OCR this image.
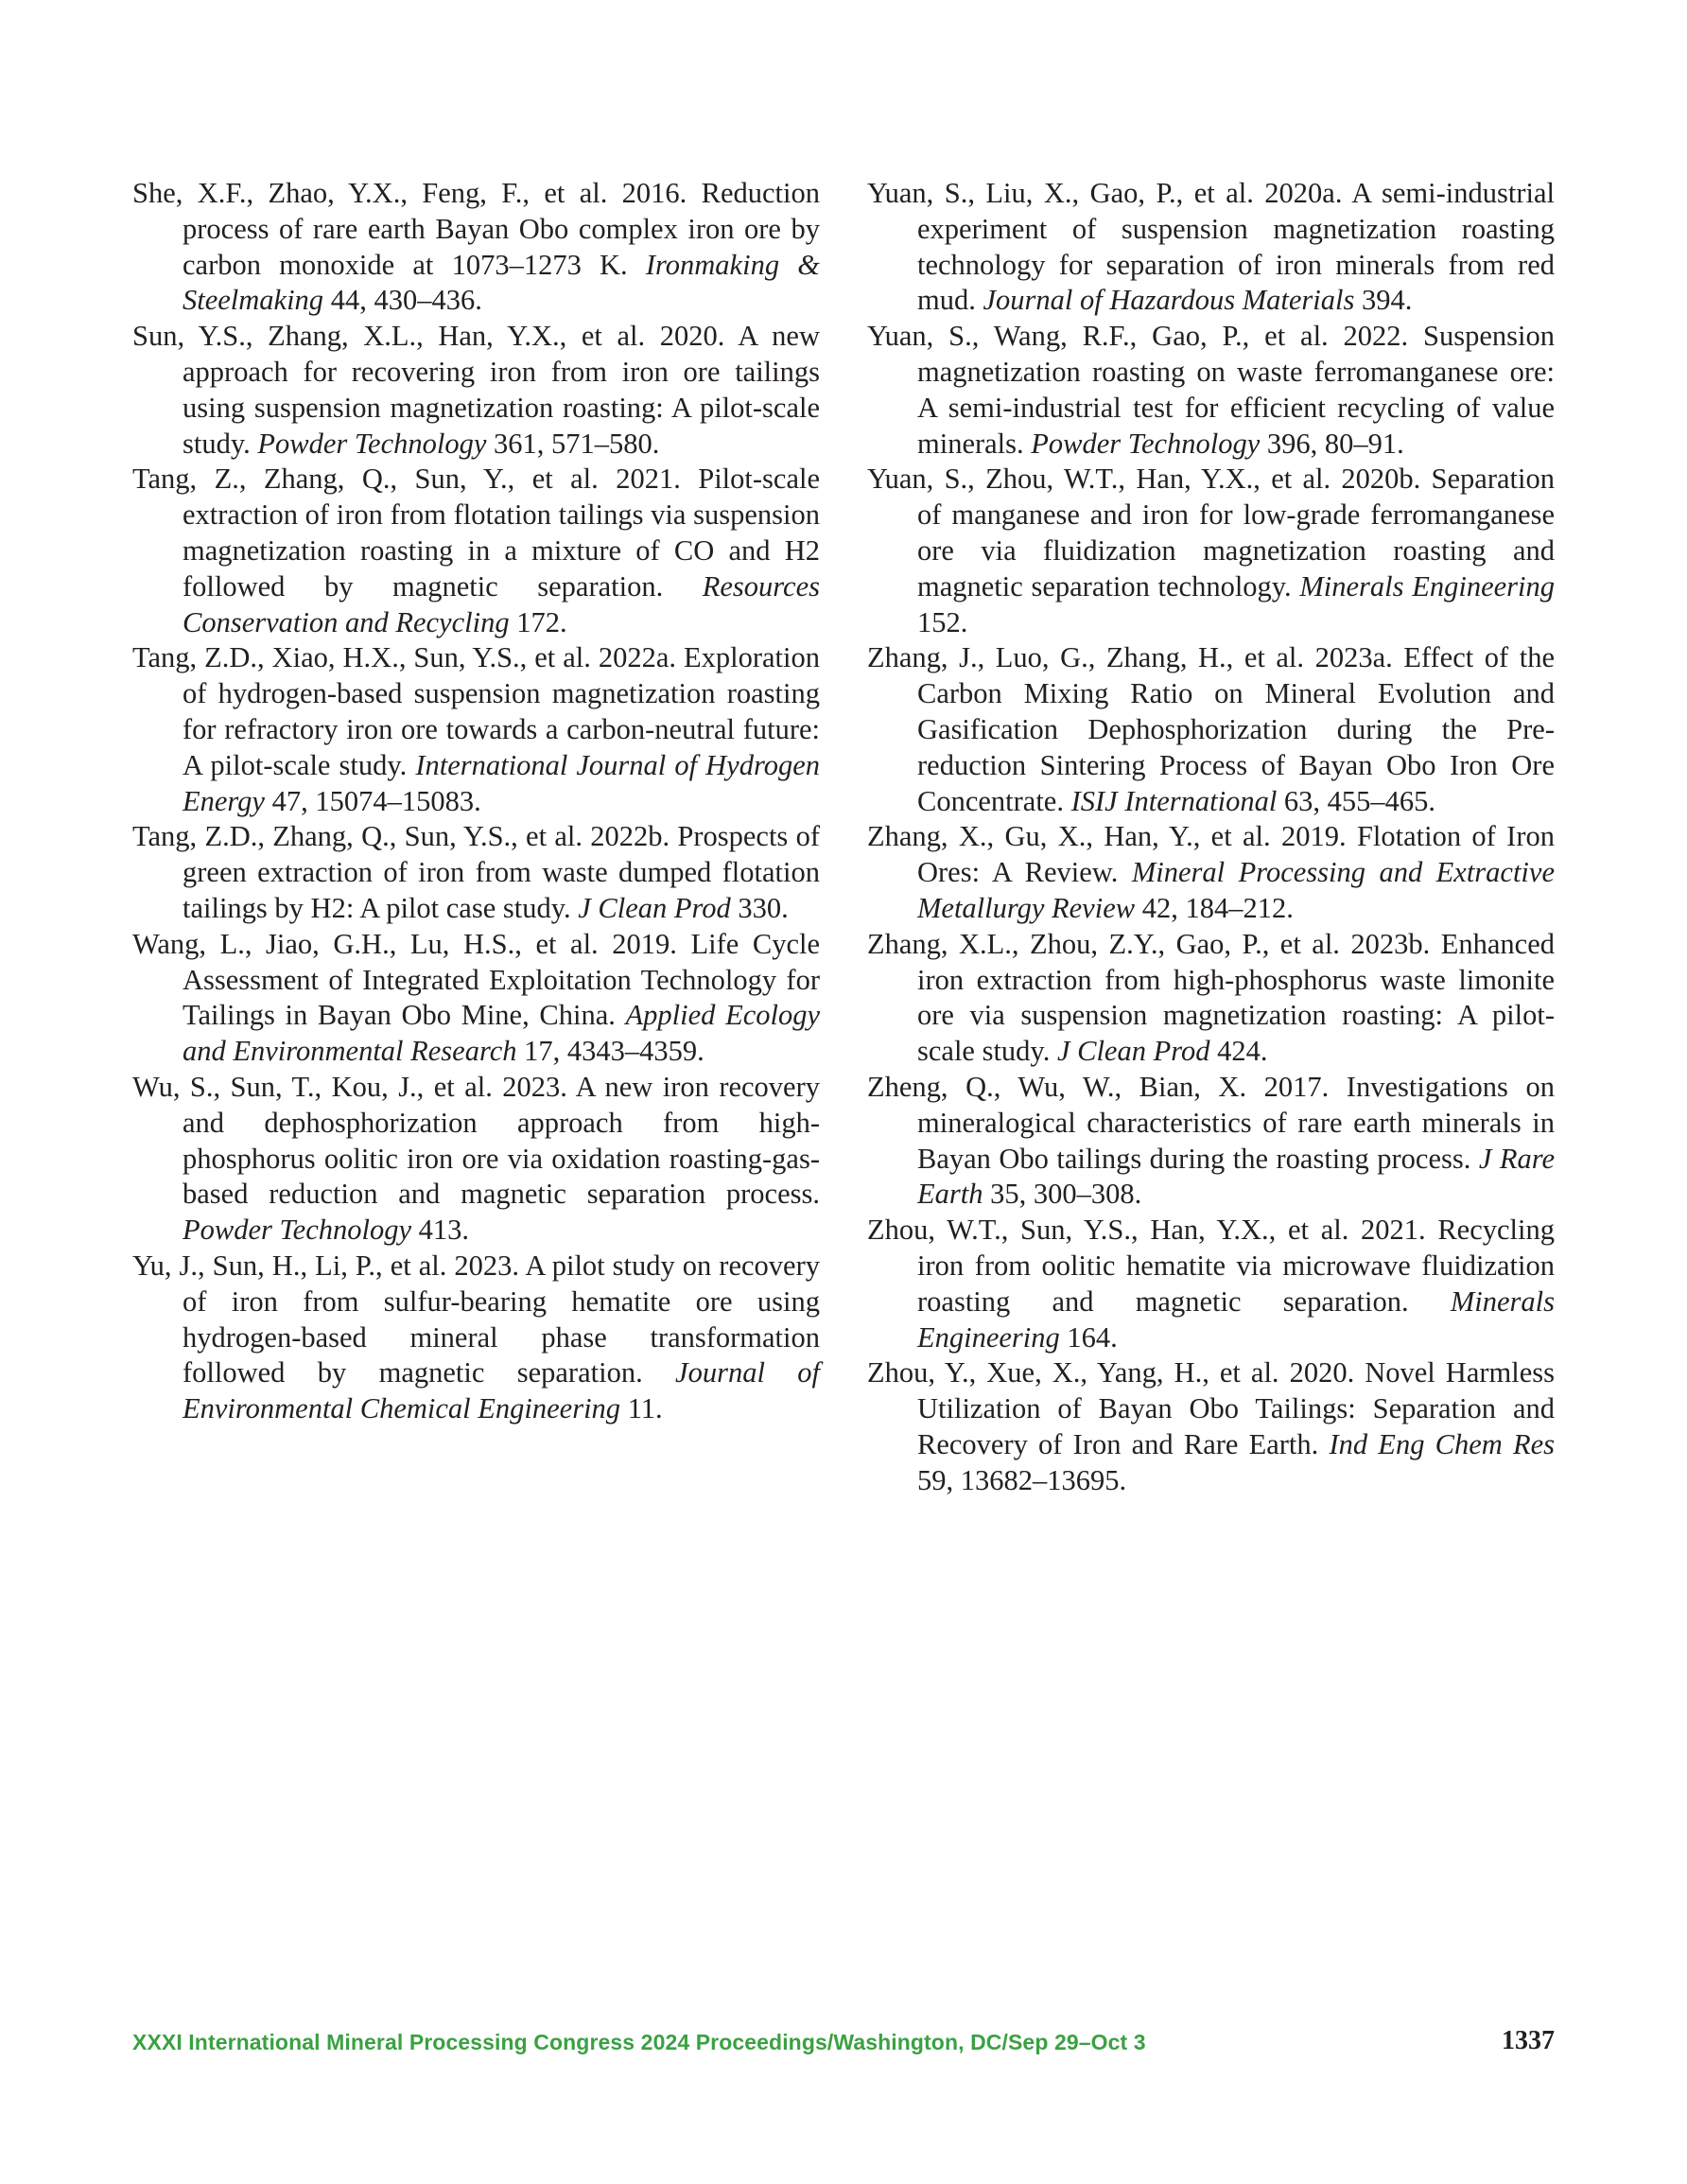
She, X.F., Zhao, Y.X., Feng, F., et al. 2016. Reduction process of rare earth Bayan Obo complex iron ore by carbon monoxide at 1073–1273 K. Ironmaking & Steelmaking 44, 430–436.

Sun, Y.S., Zhang, X.L., Han, Y.X., et al. 2020. A new approach for recovering iron from iron ore tailings using suspension magnetization roasting: A pilot-scale study. Powder Technology 361, 571–580.

Tang, Z., Zhang, Q., Sun, Y., et al. 2021. Pilot-scale extraction of iron from flotation tailings via suspension magnetization roasting in a mixture of CO and H2 followed by magnetic separation. Resources Conservation and Recycling 172.

Tang, Z.D., Xiao, H.X., Sun, Y.S., et al. 2022a. Exploration of hydrogen-based suspension magnetization roasting for refractory iron ore towards a carbon-neutral future: A pilot-scale study. International Journal of Hydrogen Energy 47, 15074–15083.

Tang, Z.D., Zhang, Q., Sun, Y.S., et al. 2022b. Prospects of green extraction of iron from waste dumped flotation tailings by H2: A pilot case study. J Clean Prod 330.

Wang, L., Jiao, G.H., Lu, H.S., et al. 2019. Life Cycle Assessment of Integrated Exploitation Technology for Tailings in Bayan Obo Mine, China. Applied Ecology and Environmental Research 17, 4343–4359.

Wu, S., Sun, T., Kou, J., et al. 2023. A new iron recovery and dephosphorization approach from high-phosphorus oolitic iron ore via oxidation roasting-gas-based reduction and magnetic separation process. Powder Technology 413.

Yu, J., Sun, H., Li, P., et al. 2023. A pilot study on recovery of iron from sulfur-bearing hematite ore using hydrogen-based mineral phase transformation followed by magnetic separation. Journal of Environmental Chemical Engineering 11.

Yuan, S., Liu, X., Gao, P., et al. 2020a. A semi-industrial experiment of suspension magnetization roasting technology for separation of iron minerals from red mud. Journal of Hazardous Materials 394.

Yuan, S., Wang, R.F., Gao, P., et al. 2022. Suspension magnetization roasting on waste ferromanganese ore: A semi-industrial test for efficient recycling of value minerals. Powder Technology 396, 80–91.

Yuan, S., Zhou, W.T., Han, Y.X., et al. 2020b. Separation of manganese and iron for low-grade ferromanganese ore via fluidization magnetization roasting and magnetic separation technology. Minerals Engineering 152.

Zhang, J., Luo, G., Zhang, H., et al. 2023a. Effect of the Carbon Mixing Ratio on Mineral Evolution and Gasification Dephosphorization during the Pre-reduction Sintering Process of Bayan Obo Iron Ore Concentrate. ISIJ International 63, 455–465.

Zhang, X., Gu, X., Han, Y., et al. 2019. Flotation of Iron Ores: A Review. Mineral Processing and Extractive Metallurgy Review 42, 184–212.

Zhang, X.L., Zhou, Z.Y., Gao, P., et al. 2023b. Enhanced iron extraction from high-phosphorus waste limonite ore via suspension magnetization roasting: A pilot-scale study. J Clean Prod 424.

Zheng, Q., Wu, W., Bian, X. 2017. Investigations on mineralogical characteristics of rare earth minerals in Bayan Obo tailings during the roasting process. J Rare Earth 35, 300–308.

Zhou, W.T., Sun, Y.S., Han, Y.X., et al. 2021. Recycling iron from oolitic hematite via microwave fluidization roasting and magnetic separation. Minerals Engineering 164.

Zhou, Y., Xue, X., Yang, H., et al. 2020. Novel Harmless Utilization of Bayan Obo Tailings: Separation and Recovery of Iron and Rare Earth. Ind Eng Chem Res 59, 13682–13695.

XXXI International Mineral Processing Congress 2024 Proceedings/Washington, DC/Sep 29–Oct 3	1337
